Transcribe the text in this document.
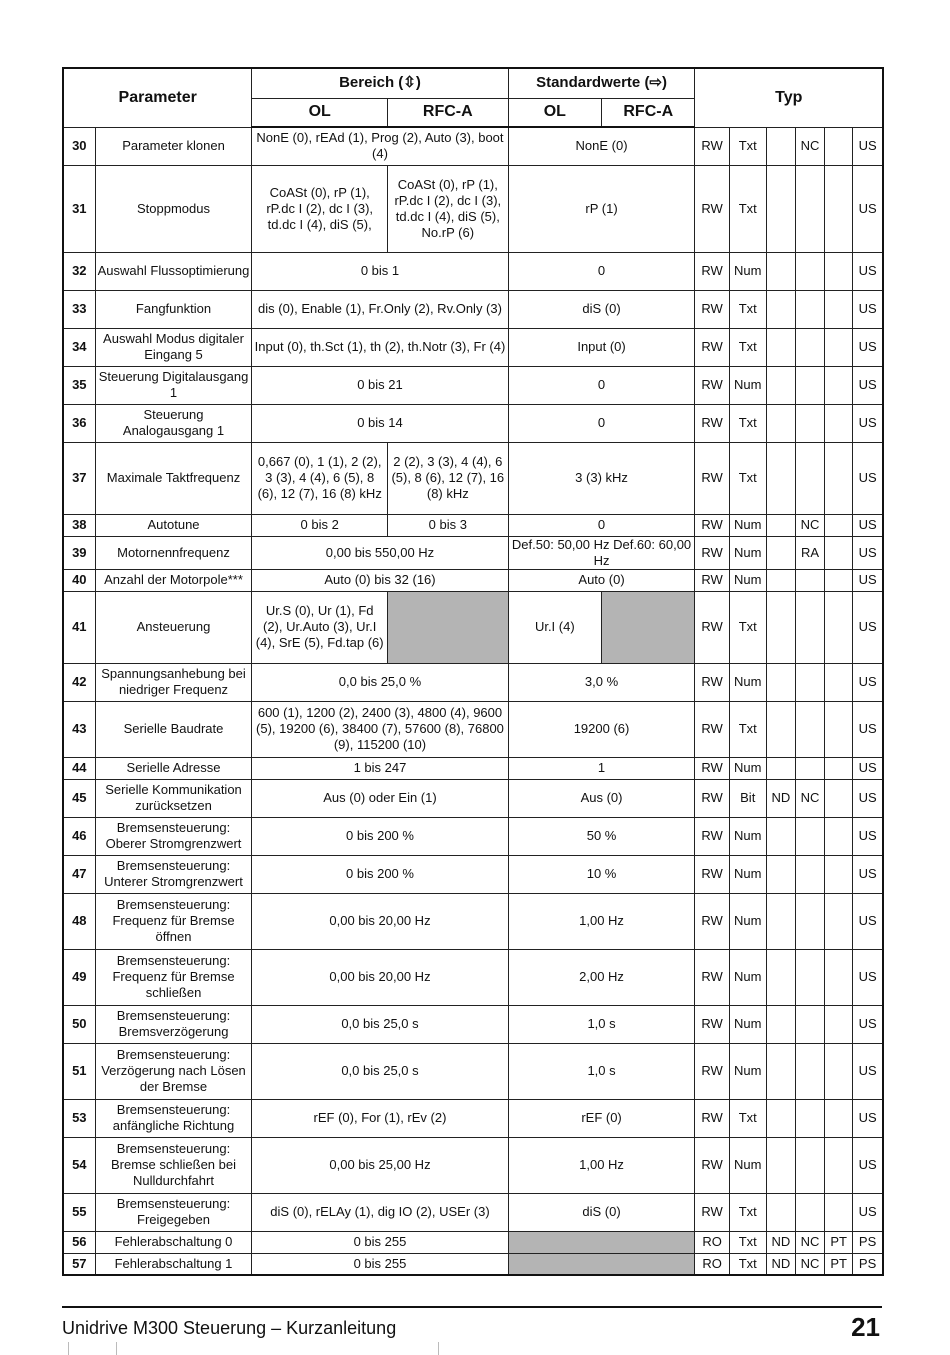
Parameter		Bereich (⇳)		Standardwerte (⇨)		Typ					
		OL	RFC-A	OL	RFC-A						
30	Parameter klonen	NonE (0), rEAd (1), Prog (2), Auto (3), boot (4)		NonE (0)		RW	Txt		NC		US
31	Stoppmodus	CoASt (0), rP (1), rP.dc I (2), dc I (3), td.dc I (4), diS (5),	CoASt (0), rP (1), rP.dc I (2), dc I (3), td.dc I (4), diS (5), No.rP (6)	rP (1)		RW	Txt				US
32	Auswahl Flussoptimierung	0 bis 1		0		RW	Num				US
33	Fangfunktion	dis (0), Enable (1), Fr.Only (2), Rv.Only (3)		diS (0)		RW	Txt				US
34	Auswahl Modus digitaler Eingang 5	Input (0), th.Sct (1), th (2), th.Notr (3), Fr (4)		Input (0)		RW	Txt				US
35	Steuerung Digitalausgang 1	0 bis 21		0		RW	Num				US
36	Steuerung Analogausgang 1	0 bis 14		0		RW	Txt				US
37	Maximale Taktfrequenz	0,667 (0), 1 (1), 2 (2), 3 (3), 4 (4), 6 (5), 8 (6), 12 (7), 16 (8) kHz	2 (2), 3 (3), 4 (4), 6 (5), 8 (6), 12 (7), 16 (8) kHz	3 (3) kHz		RW	Txt				US
38	Autotune	0 bis 2	0 bis 3	0		RW	Num		NC		US
39	Motornennfrequenz	0,00 bis 550,00 Hz		Def.50: 50,00 Hz Def.60: 60,00 Hz		RW	Num		RA		US
40	Anzahl der Motorpole***	Auto (0) bis 32 (16)		Auto (0)		RW	Num				US
41	Ansteuerung	Ur.S (0), Ur (1), Fd (2), Ur.Auto (3), Ur.I (4), SrE (5), Fd.tap (6)		Ur.I (4)		RW	Txt				US
42	Spannungsanhebung bei niedriger Frequenz	0,0 bis 25,0 %		3,0 %		RW	Num				US
43	Serielle Baudrate	600 (1), 1200 (2), 2400 (3), 4800 (4), 9600 (5), 19200 (6), 38400 (7), 57600 (8), 76800 (9), 115200 (10)		19200 (6)		RW	Txt				US
44	Serielle Adresse	1 bis 247		1		RW	Num				US
45	Serielle Kommunikation zurücksetzen	Aus (0) oder Ein (1)		Aus (0)		RW	Bit	ND	NC		US
46	Bremsensteuerung: Oberer Stromgrenzwert	0 bis 200 %		50 %		RW	Num				US
47	Bremsensteuerung: Unterer Stromgrenzwert	0 bis 200 %		10 %		RW	Num				US
48	Bremsensteuerung: Frequenz für Bremse öffnen	0,00 bis 20,00 Hz		1,00 Hz		RW	Num				US
49	Bremsensteuerung: Frequenz für Bremse schließen	0,00 bis 20,00 Hz		2,00 Hz		RW	Num				US
50	Bremsensteuerung: Bremsverzögerung	0,0 bis 25,0 s		1,0 s		RW	Num				US
51	Bremsensteuerung: Verzögerung nach Lösen der Bremse	0,0 bis 25,0 s		1,0 s		RW	Num				US
53	Bremsensteuerung: anfängliche Richtung	rEF (0), For (1), rEv (2)		rEF (0)		RW	Txt				US
54	Bremsensteuerung: Bremse schließen bei Nulldurchfahrt	0,00 bis 25,00 Hz		1,00 Hz		RW	Num				US
55	Bremsensteuerung: Freigegeben	diS (0), rELAy (1), dig IO (2), USEr (3)		diS (0)		RW	Txt				US
56	Fehlerabschaltung 0	0 bis 255				RO	Txt	ND	NC	PT	PS
57	Fehlerabschaltung 1	0 bis 255				RO	Txt	ND	NC	PT	PS
Unidrive M300 Steuerung – Kurzanleitung	21
